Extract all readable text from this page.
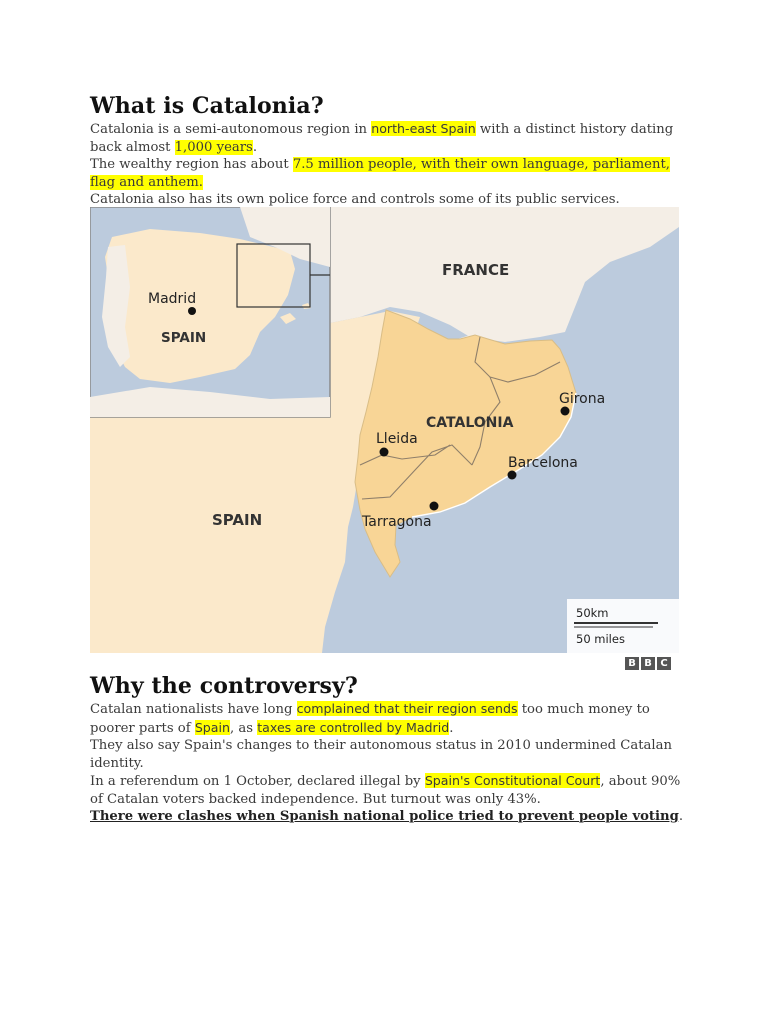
What is Catalonia?

Catalonia is a semi-autonomous region in north-east Spain with a distinct history dating back almost 1,000 years.

The wealthy region has about 7.5 million people, with their own language, parliament, flag and anthem.

Catalonia also has its own police force and controls some of its public services.

FRANCE
SPAIN
CATALONIA
SPAIN
Madrid
Girona
Lleida
Barcelona
Tarragona
50km
50 miles
B B C
Why the controversy?

Catalan nationalists have long complained that their region sends too much money to poorer parts of Spain, as taxes are controlled by Madrid.

They also say Spain's changes to their autonomous status in 2010 undermined Catalan identity.

In a referendum on 1 October, declared illegal by Spain's Constitutional Court, about 90% of Catalan voters backed independence. But turnout was only 43%.

There were clashes when Spanish national police tried to prevent people voting.
